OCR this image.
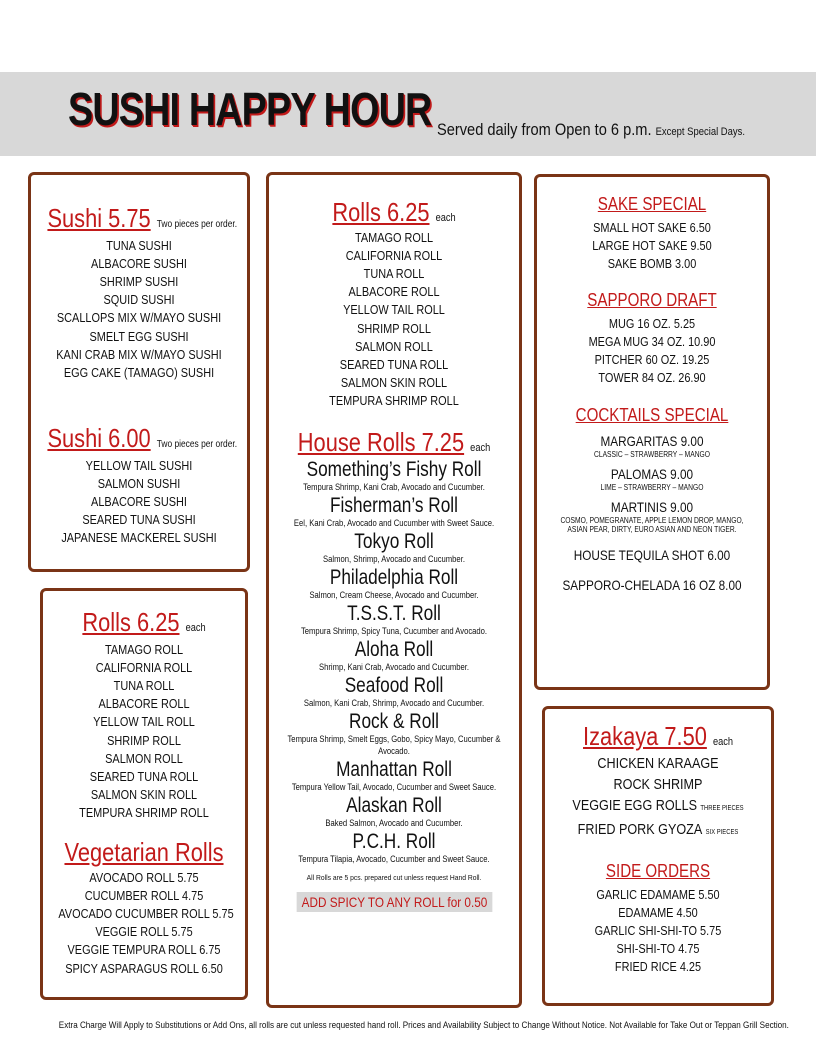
SUSHI HAPPY HOUR Served daily from Open to 6 p.m. Except Special Days.
Sushi 5.75 Two pieces per order.
TUNA SUSHI
ALBACORE SUSHI
SHRIMP SUSHI
SQUID SUSHI
SCALLOPS MIX W/MAYO SUSHI
SMELT EGG SUSHI
KANI CRAB MIX W/MAYO SUSHI
EGG CAKE (TAMAGO) SUSHI
Sushi 6.00 Two pieces per order.
YELLOW TAIL SUSHI
SALMON SUSHI
ALBACORE SUSHI
SEARED TUNA SUSHI
JAPANESE MACKEREL SUSHI
Rolls 6.25 each
TAMAGO ROLL
CALIFORNIA ROLL
TUNA ROLL
ALBACORE ROLL
YELLOW TAIL ROLL
SHRIMP ROLL
SALMON ROLL
SEARED TUNA ROLL
SALMON SKIN ROLL
TEMPURA SHRIMP ROLL
Vegetarian Rolls
AVOCADO ROLL 5.75
CUCUMBER ROLL 4.75
AVOCADO CUCUMBER ROLL 5.75
VEGGIE ROLL 5.75
VEGGIE TEMPURA ROLL 6.75
SPICY ASPARAGUS ROLL 6.50
Rolls 6.25 each
TAMAGO ROLL
CALIFORNIA ROLL
TUNA ROLL
ALBACORE ROLL
YELLOW TAIL ROLL
SHRIMP ROLL
SALMON ROLL
SEARED TUNA ROLL
SALMON SKIN ROLL
TEMPURA SHRIMP ROLL
House Rolls 7.25 each
Something’s Fishy Roll
Tempura Shrimp, Kani Crab, Avocado and Cucumber.
Fisherman’s Roll
Eel, Kani Crab, Avocado and Cucumber with Sweet Sauce.
Tokyo Roll
Salmon, Shrimp, Avocado and Cucumber.
Philadelphia Roll
Salmon, Cream Cheese, Avocado and Cucumber.
T.S.S.T. Roll
Tempura Shrimp, Spicy Tuna, Cucumber and Avocado.
Aloha Roll
Shrimp, Kani Crab, Avocado and Cucumber.
Seafood Roll
Salmon, Kani Crab, Shrimp, Avocado and Cucumber.
Rock & Roll
Tempura Shrimp, Smelt Eggs, Gobo, Spicy Mayo, Cucumber & Avocado.
Manhattan Roll
Tempura Yellow Tail, Avocado, Cucumber and Sweet Sauce.
Alaskan Roll
Baked Salmon, Avocado and Cucumber.
P.C.H. Roll
Tempura Tilapia, Avocado, Cucumber and Sweet Sauce.
All Rolls are 5 pcs. prepared cut unless request Hand Roll.
ADD SPICY TO ANY ROLL for 0.50
SAKE SPECIAL
SMALL HOT SAKE 6.50
LARGE HOT SAKE 9.50
SAKE BOMB 3.00
SAPPORO DRAFT
MUG 16 OZ. 5.25
MEGA MUG 34 OZ. 10.90
PITCHER 60 OZ. 19.25
TOWER 84 OZ. 26.90
COCKTAILS SPECIAL
MARGARITAS 9.00
CLASSIC – STRAWBERRY – MANGO
PALOMAS 9.00
LIME – STRAWBERRY – MANGO
MARTINIS 9.00
COSMO, POMEGRANATE, APPLE LEMON DROP, MANGO,
ASIAN PEAR, DIRTY, EURO ASIAN AND NEON TIGER.
HOUSE TEQUILA SHOT 6.00
SAPPORO-CHELADA 16 OZ 8.00
Izakaya 7.50 each
CHICKEN KARAAGE
ROCK SHRIMP
VEGGIE EGG ROLLS THREE PIECES
FRIED PORK GYOZA SIX PIECES
SIDE ORDERS
GARLIC EDAMAME 5.50
EDAMAME 4.50
GARLIC SHI-SHI-TO 5.75
SHI-SHI-TO 4.75
FRIED RICE 4.25
Extra Charge Will Apply to Substitutions or Add Ons, all rolls are cut unless requested hand roll. Prices and Availability Subject to Change Without Notice. Not Available for Take Out or Teppan Grill Section.
